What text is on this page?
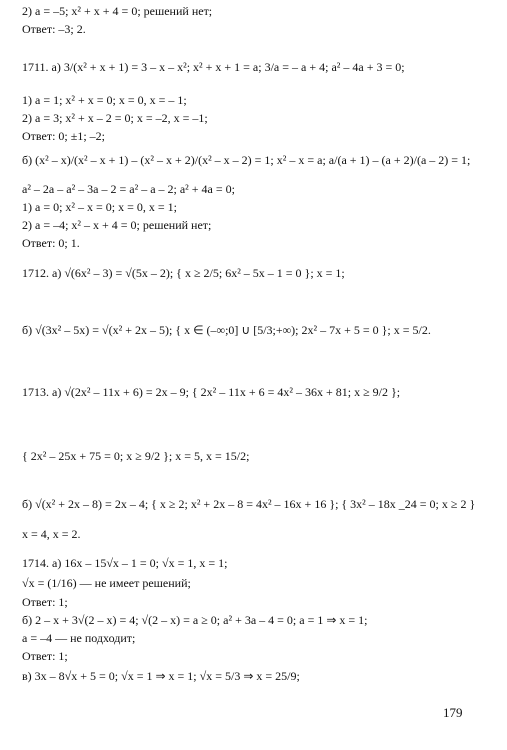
2) a = –5; x² + x + 4 = 0; решений нет;
Ответ: –3; 2.
1711. а) 3/(x² + x + 1) = 3 – x – x²; x² + x + 1 = a; 3/a = – a + 4; a² – 4a + 3 = 0;
1) a = 1; x² + x = 0; x = 0, x = – 1;
2) a = 3; x² + x – 2 = 0; x = –2, x = –1;
Ответ: 0; ±1; –2;
б) (x² – x)/(x² – x + 1) – (x² – x + 2)/(x² – x – 2) = 1; x² – x = a; a/(a + 1) – (a + 2)/(a – 2) = 1;
a² – 2a – a² – 3a – 2 = a² – a – 2; a² + 4a = 0;
1) a = 0; x² – x = 0; x = 0, x = 1;
2) a = –4; x² – x + 4 = 0; решений нет;
Ответ: 0; 1.
1712. а) √(6x² – 3) = √(5x – 2); { x ≥ 2/5; 6x² – 5x – 1 = 0 }; x = 1;
б) √(3x² – 5x) = √(x² + 2x – 5); { x ∈ (–∞;0] ∪ [5/3;+∞); 2x² – 7x + 5 = 0 }; x = 5/2.
1713. а) √(2x² – 11x + 6) = 2x – 9; { 2x² – 11x + 6 = 4x² – 36x + 81; x ≥ 9/2 };
{ 2x² – 25x + 75 = 0; x ≥ 9/2 }; x = 5, x = 15/2;
б) √(x² + 2x – 8) = 2x – 4; { x ≥ 2; x² + 2x – 8 = 4x² – 16x + 16 }; { 3x² – 18x _24 = 0; x ≥ 2 }
x = 4, x = 2.
1714. а) 16x – 15√x – 1 = 0; √x = 1, x = 1;
√x = (1/16) — не имеет решений;
Ответ: 1;
б) 2 – x + 3√(2 – x) = 4; √(2 – x) = a ≥ 0; a² + 3a – 4 = 0; a = 1 ⇒ x = 1;
a = –4 — не подходит;
Ответ: 1;
в) 3x – 8√x + 5 = 0; √x = 1 ⇒ x = 1; √x = 5/3 ⇒ x = 25/9;
179
